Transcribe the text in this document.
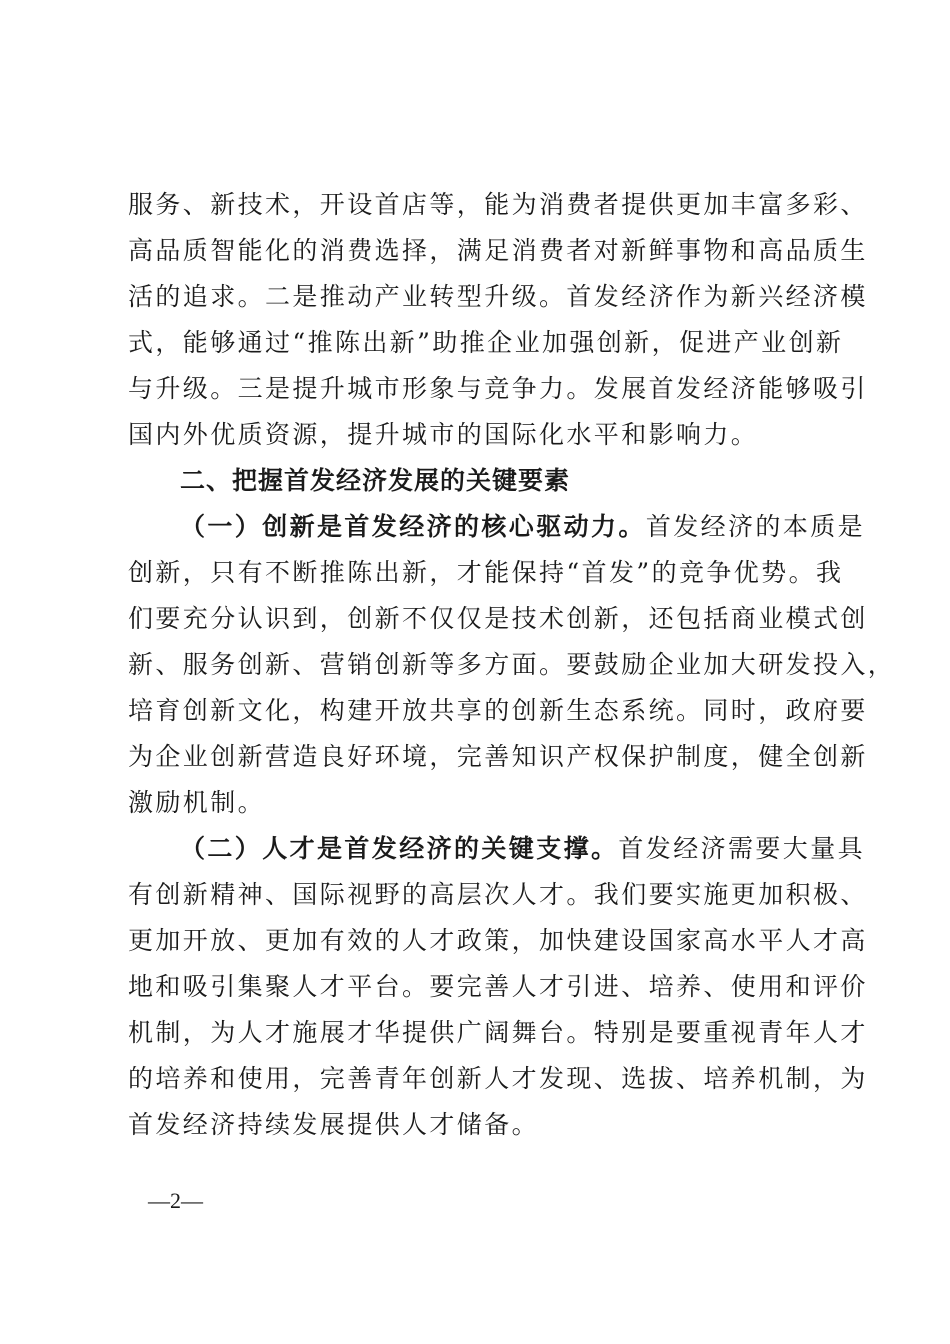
服务、新技术，开设首店等，能为消费者提供更加丰富多彩、
高品质智能化的消费选择，满足消费者对新鲜事物和高品质生
活的追求。二是推动产业转型升级。首发经济作为新兴经济模
式，能够通过“推陈出新”助推企业加强创新，促进产业创新
与升级。三是提升城市形象与竞争力。发展首发经济能够吸引
国内外优质资源，提升城市的国际化水平和影响力。
二、把握首发经济发展的关键要素
（一）创新是首发经济的核心驱动力。首发经济的本质是
创新，只有不断推陈出新，才能保持“首发”的竞争优势。我
们要充分认识到，创新不仅仅是技术创新，还包括商业模式创
新、服务创新、营销创新等多方面。要鼓励企业加大研发投入，
培育创新文化，构建开放共享的创新生态系统。同时，政府要
为企业创新营造良好环境，完善知识产权保护制度，健全创新
激励机制。
（二）人才是首发经济的关键支撑。首发经济需要大量具
有创新精神、国际视野的高层次人才。我们要实施更加积极、
更加开放、更加有效的人才政策，加快建设国家高水平人才高
地和吸引集聚人才平台。要完善人才引进、培养、使用和评价
机制，为人才施展才华提供广阔舞台。特别是要重视青年人才
的培养和使用，完善青年创新人才发现、选拔、培养机制，为
首发经济持续发展提供人才储备。
—2—
